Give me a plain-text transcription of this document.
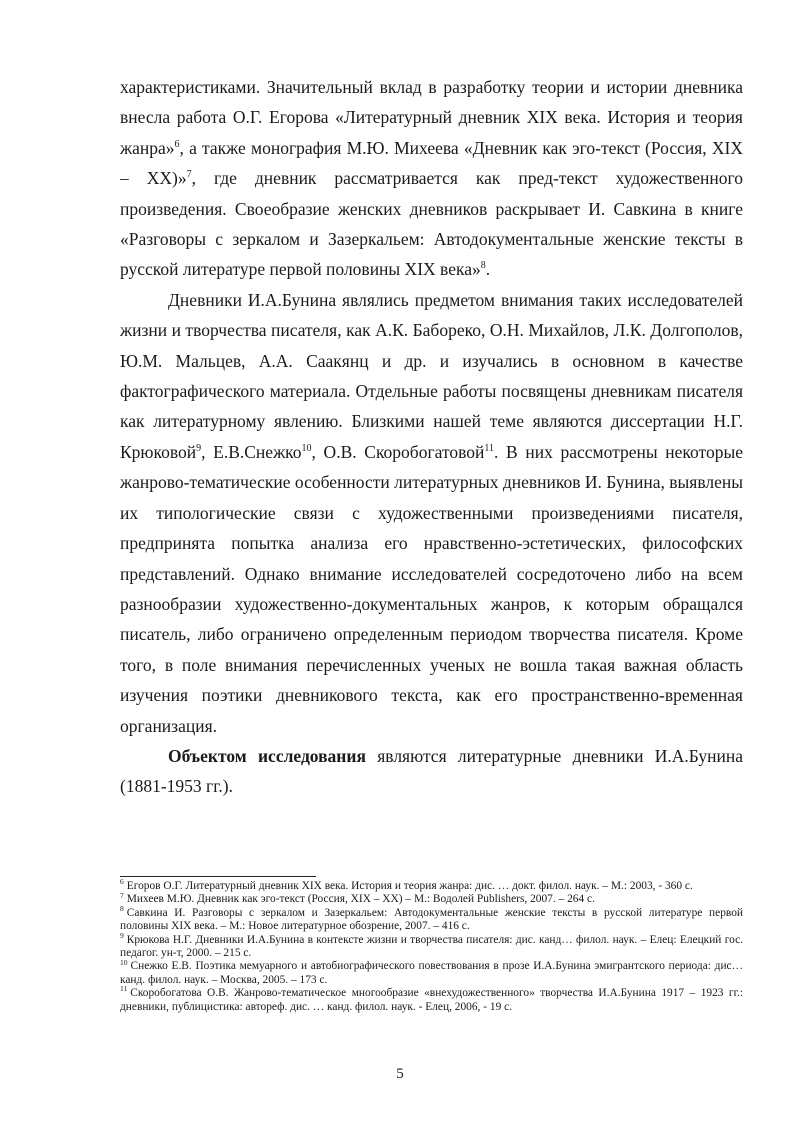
характеристиками. Значительный вклад в разработку теории и истории дневника внесла работа О.Г. Егорова «Литературный дневник XIX века. История и теория жанра»$^6$, а также монография М.Ю. Михеева «Дневник как эго-текст (Россия, XIX – XX)»$^7$, где дневник рассматривается как пред-текст художественного произведения. Своеобразие женских дневников раскрывает И. Савкина в книге «Разговоры с зеркалом и Зазеркальем: Автодокументальные женские тексты в русской литературе первой половины XIX века»$^8$.

Дневники И.А.Бунина являлись предметом внимания таких исследователей жизни и творчества писателя, как А.К. Бабореко, О.Н. Михайлов, Л.К. Долгополов, Ю.М. Мальцев, А.А. Саакянц и др. и изучались в основном в качестве фактографического материала. Отдельные работы посвящены дневникам писателя как литературному явлению. Близкими нашей теме являются диссертации Н.Г. Крюковой$^9$, Е.В.Снежко$^{10}$, О.В. Скоробогатовой$^{11}$. В них рассмотрены некоторые жанрово-тематические особенности литературных дневников И. Бунина, выявлены их типологические связи с художественными произведениями писателя, предпринята попытка анализа его нравственно-эстетических, философских представлений. Однако внимание исследователей сосредоточено либо на всем разнообразии художественно-документальных жанров, к которым обращался писатель, либо ограничено определенным периодом творчества писателя. Кроме того, в поле внимания перечисленных ученых не вошла такая важная область изучения поэтики дневникового текста, как его пространственно-временная организация.

Объектом исследования являются литературные дневники И.А.Бунина (1881-1953 гг.).

$^6$ Егоров О.Г. Литературный дневник XIX века. История и теория жанра: дис. … докт. филол. наук. – М.: 2003, - 360 с.
$^7$ Михеев М.Ю. Дневник как эго-текст (Россия, XIX – XX) – М.: Водолей Publishers, 2007. – 264 с.
$^8$ Савкина И. Разговоры с зеркалом и Зазеркальем: Автодокументальные женские тексты в русской литературе первой половины XIX века. – М.: Новое литературное обозрение, 2007. – 416 с.
$^9$ Крюкова Н.Г. Дневники И.А.Бунина в контексте жизни и творчества писателя: дис. канд… филол. наук. – Елец: Елецкий гос. педагог. ун-т, 2000. – 215 с.
$^{10}$ Снежко Е.В. Поэтика мемуарного и автобиографического повествования в прозе И.А.Бунина эмигрантского периода: дис… канд. филол. наук. – Москва, 2005. – 173 с.
$^{11}$ Скоробогатова О.В. Жанрово-тематическое многообразие «внехудожественного» творчества И.А.Бунина 1917 – 1923 гг.: дневники, публицистика: автореф. дис. … канд. филол. наук. - Елец, 2006, - 19 с.
5
